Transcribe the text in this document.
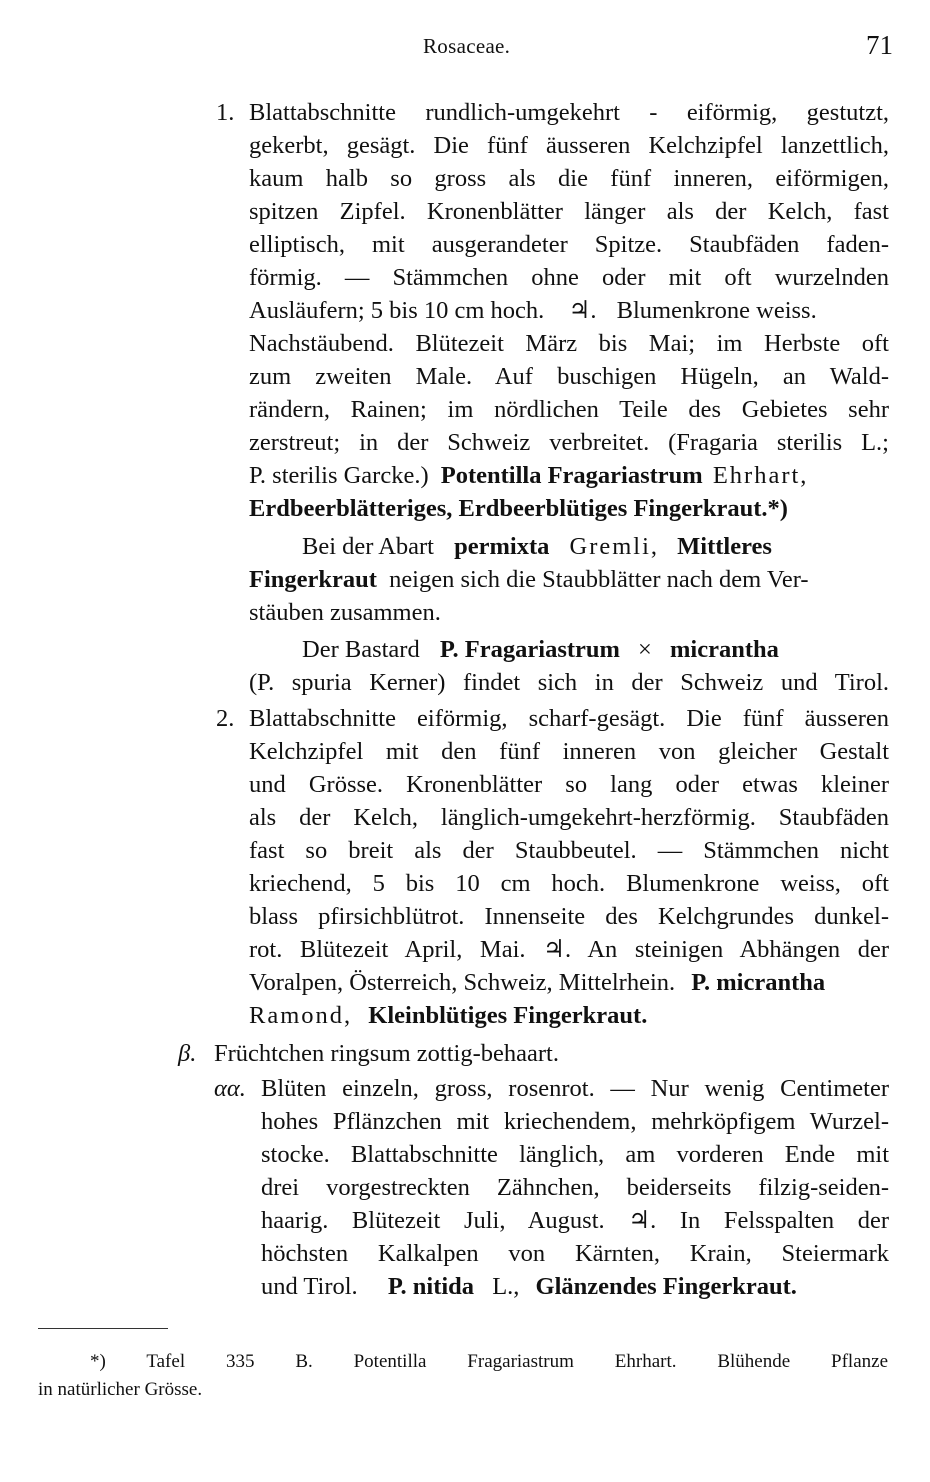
Rosaceae.	71
1. Blattabschnitte rundlich-umgekehrt - eiförmig, gestutzt,
gekerbt, gesägt. Die fünf äusseren Kelchzipfel lanzettlich,
kaum halb so gross als die fünf inneren, eiförmigen,
spitzen Zipfel. Kronenblätter länger als der Kelch, fast
elliptisch, mit ausgerandeter Spitze. Staubfäden faden-
förmig. — Stämmchen ohne oder mit oft wurzelnden
Ausläufern; 5 bis 10 cm hoch. ♃. Blumenkrone weiss.
Nachstäubend. Blütezeit März bis Mai; im Herbste oft
zum zweiten Male. Auf buschigen Hügeln, an Wald-
rändern, Rainen; im nördlichen Teile des Gebietes sehr
zerstreut; in der Schweiz verbreitet. (Fragaria sterilis L.;
P. sterilis Garcke.) Potentilla Fragariastrum Ehrhart,
Erdbeerblätteriges, Erdbeerblütiges Fingerkraut.*)
Bei der Abart permixta Gremli, Mittleres
Fingerkraut neigen sich die Staubblätter nach dem Ver-
stäuben zusammen.
Der Bastard P. Fragariastrum × micrantha
(P. spuria Kerner) findet sich in der Schweiz und Tirol.
2. Blattabschnitte eiförmig, scharf-gesägt. Die fünf äusseren
Kelchzipfel mit den fünf inneren von gleicher Gestalt
und Grösse. Kronenblätter so lang oder etwas kleiner
als der Kelch, länglich-umgekehrt-herzförmig. Staubfäden
fast so breit als der Staubbeutel. — Stämmchen nicht
kriechend, 5 bis 10 cm hoch. Blumenkrone weiss, oft
blass pfirsichblütrot. Innenseite des Kelchgrundes dunkel-
rot. Blütezeit April, Mai. ♃. An steinigen Abhängen der
Voralpen, Österreich, Schweiz, Mittelrhein. P. micrantha
Ramond, Kleinblütiges Fingerkraut.
β. Früchtchen ringsum zottig-behaart.
αα. Blüten einzeln, gross, rosenrot. — Nur wenig Centimeter
hohes Pflänzchen mit kriechendem, mehrköpfigem Wurzel-
stocke. Blattabschnitte länglich, am vorderen Ende mit
drei vorgestreckten Zähnchen, beiderseits filzig-seiden-
haarig. Blütezeit Juli, August. ♃. In Felsspalten der
höchsten Kalkalpen von Kärnten, Krain, Steiermark
und Tirol. P. nitida L., Glänzendes Fingerkraut.
*) Tafel 335 B. Potentilla Fragariastrum Ehrhart. Blühende Pflanze
in natürlicher Grösse.
